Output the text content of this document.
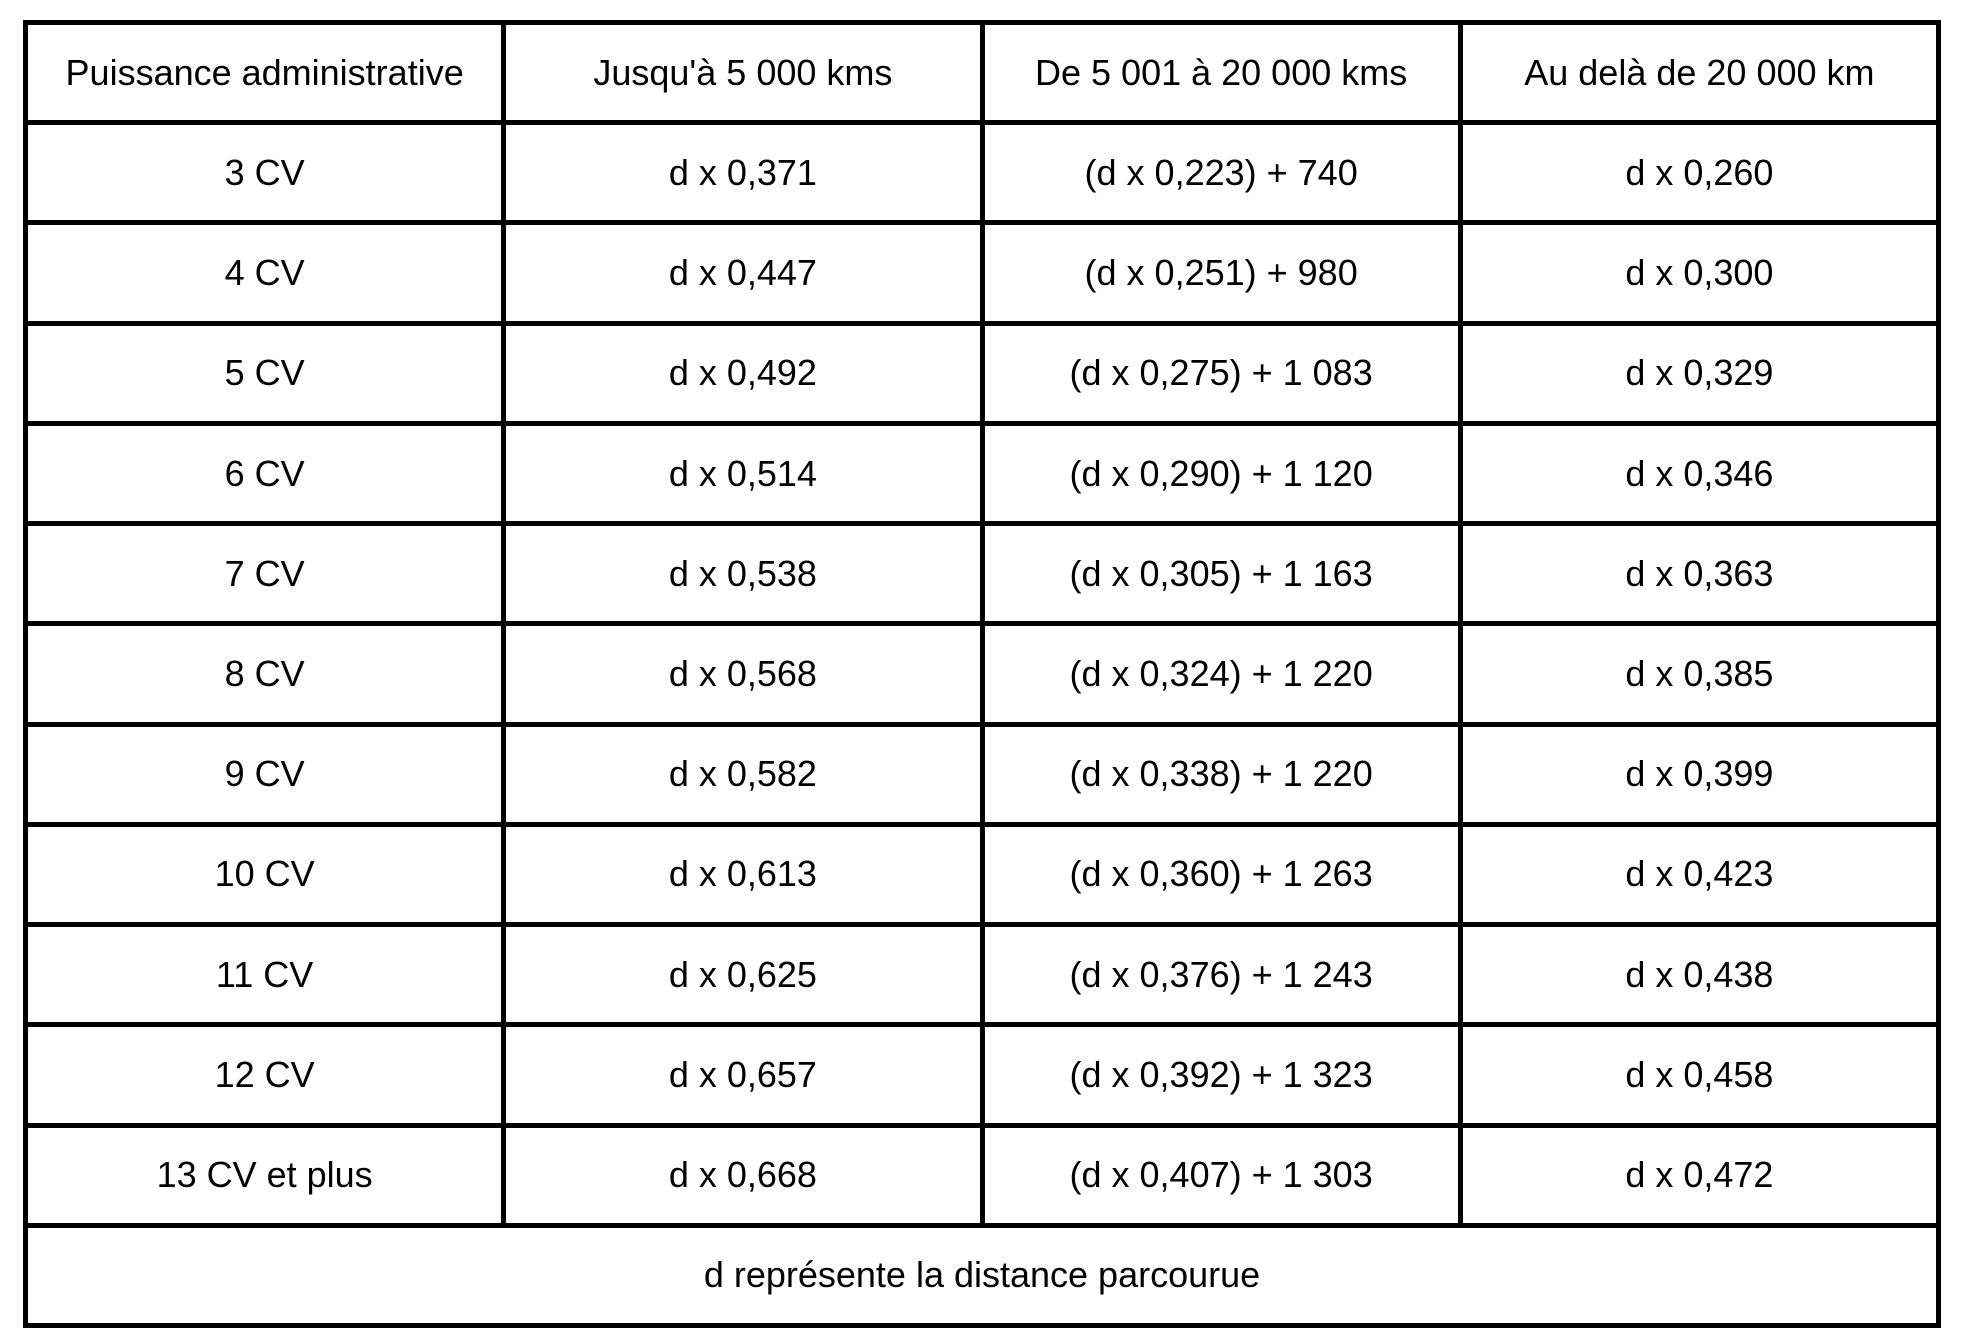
Puissance administrative	Jusqu'à 5 000 kms	De 5 001 à 20 000 kms	Au delà de 20 000 km
3 CV	d x 0,371	(d x 0,223) + 740	d x 0,260
4 CV	d x 0,447	(d x 0,251) + 980	d x 0,300
5 CV	d x 0,492	(d x 0,275) + 1 083	d x 0,329
6 CV	d x 0,514	(d x 0,290) + 1 120	d x 0,346
7 CV	d x 0,538	(d x 0,305) + 1 163	d x 0,363
8 CV	d x 0,568	(d x 0,324) + 1 220	d x 0,385
9 CV	d x 0,582	(d x 0,338) + 1 220	d x 0,399
10 CV	d x 0,613	(d x 0,360) + 1 263	d x 0,423
11 CV	d x 0,625	(d x 0,376) + 1 243	d x 0,438
12 CV	d x 0,657	(d x 0,392) + 1 323	d x 0,458
13 CV et plus	d x 0,668	(d x 0,407) + 1 303	d x 0,472
d représente la distance parcourue
